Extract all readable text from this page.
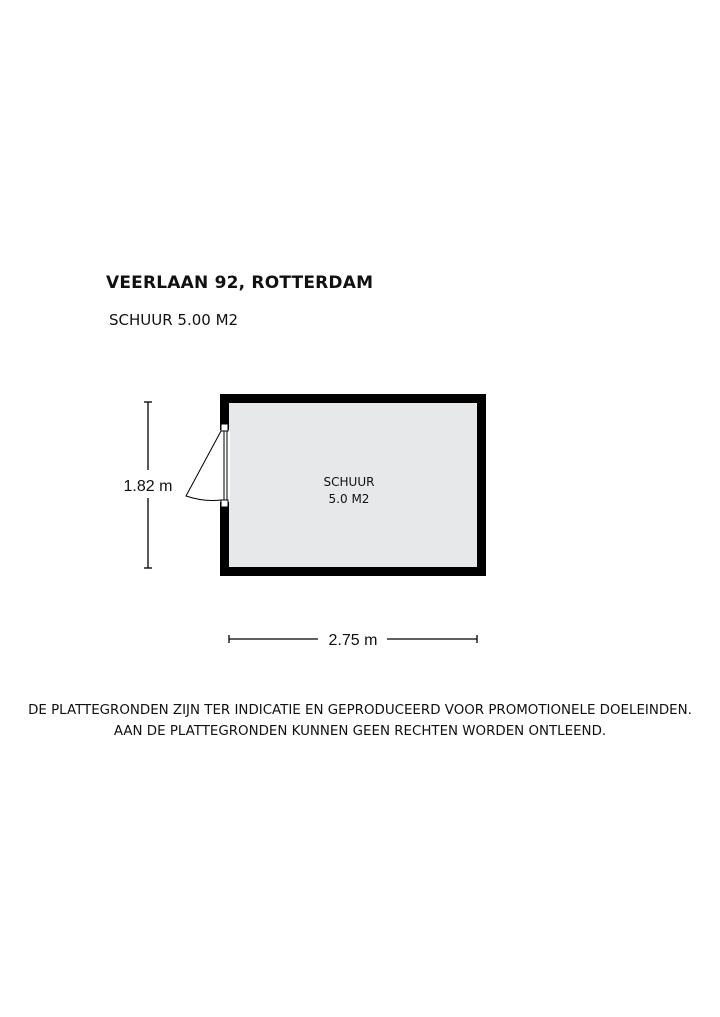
VEERLAAN 92, ROTTERDAM
SCHUUR 5.00 M2
SCHUUR
5.0 M2
1.82 m
2.75 m
DE PLATTEGRONDEN ZIJN TER INDICATIE EN GEPRODUCEERD VOOR PROMOTIONELE DOELEINDEN.
AAN DE PLATTEGRONDEN KUNNEN GEEN RECHTEN WORDEN ONTLEEND.
